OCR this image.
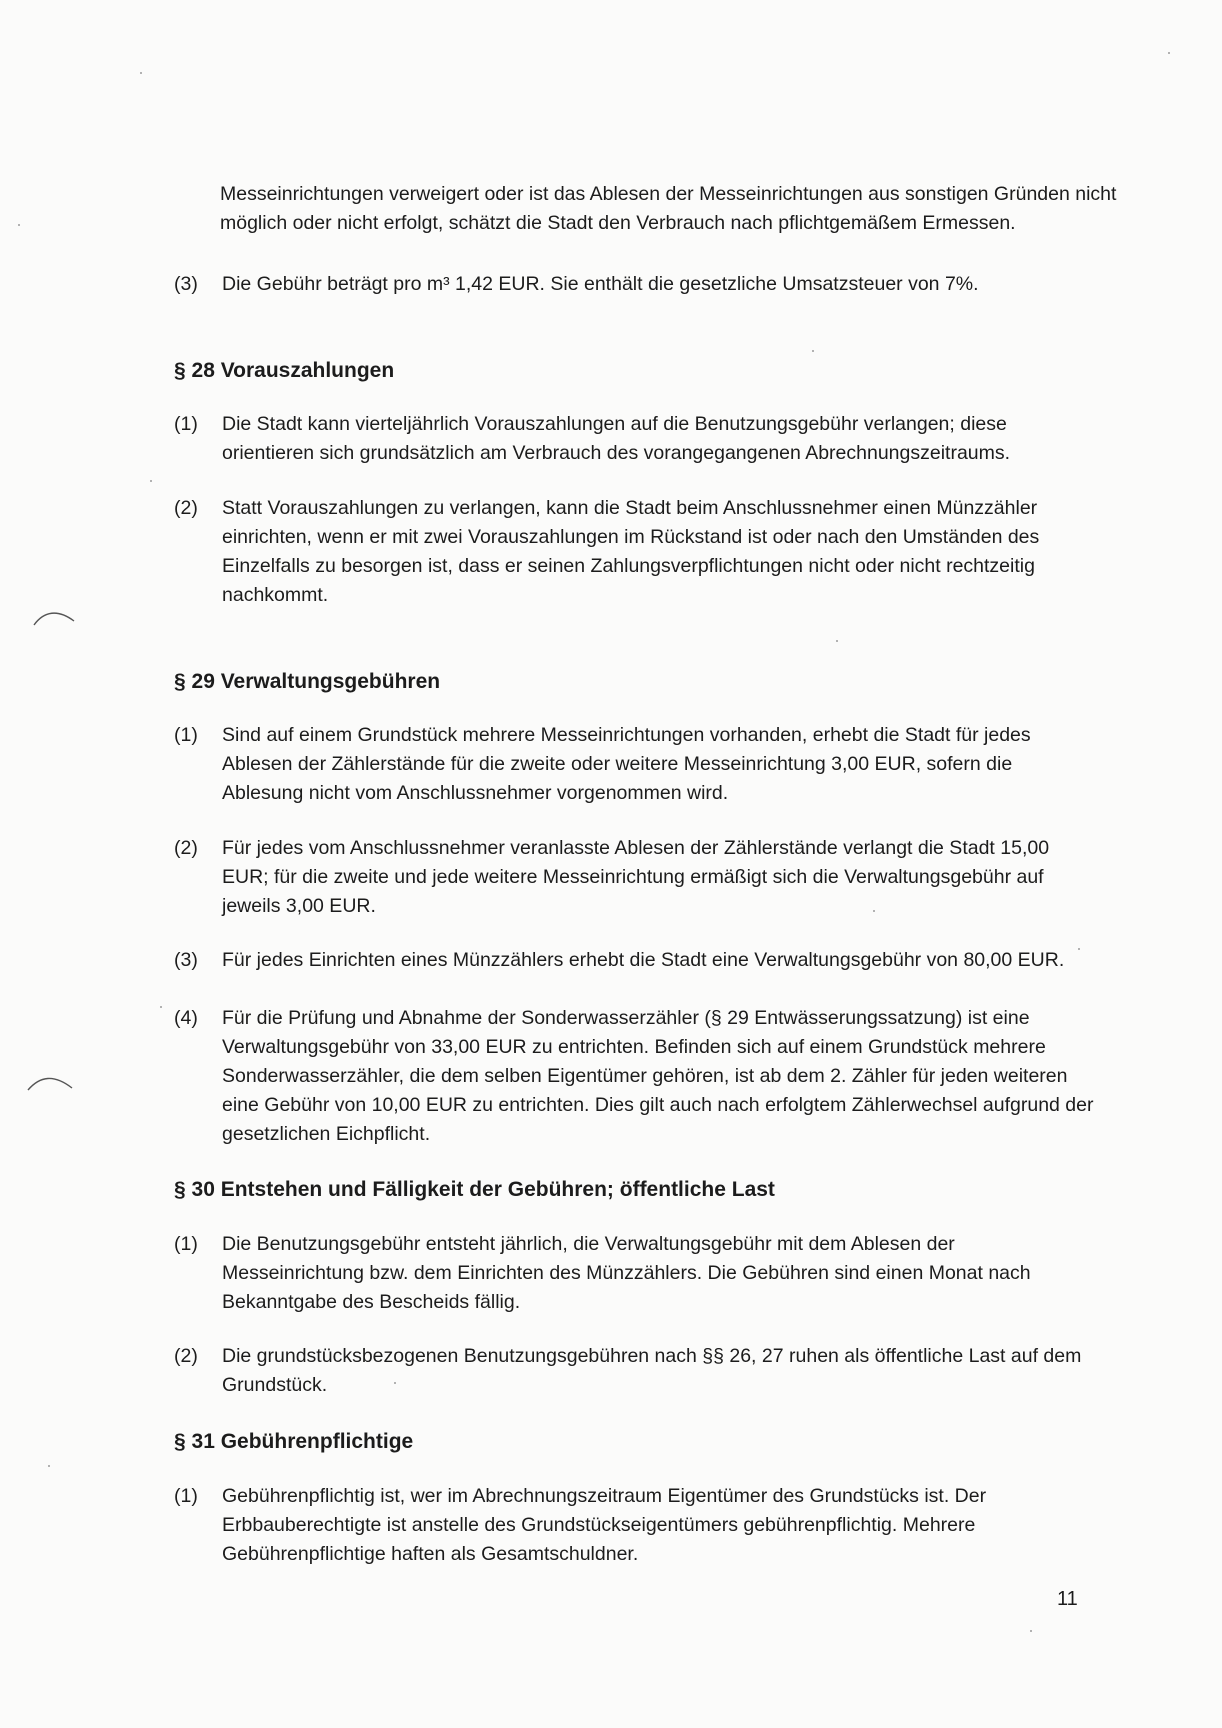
Messeinrichtungen verweigert oder ist das Ablesen der Messeinrichtungen aus sonstigen Gründen nicht möglich oder nicht erfolgt, schätzt die Stadt den Verbrauch nach pflichtgemäßem Ermessen.
(3)	Die Gebühr beträgt pro m³ 1,42 EUR. Sie enthält die gesetzliche Umsatzsteuer von 7%.
§ 28 Vorauszahlungen
(1)	Die Stadt kann vierteljährlich Vorauszahlungen auf die Benutzungsgebühr verlangen; diese orientieren sich grundsätzlich am Verbrauch des vorangegangenen Abrechnungszeitraums.
(2)	Statt Vorauszahlungen zu verlangen, kann die Stadt beim Anschlussnehmer einen Münzzähler einrichten, wenn er mit zwei Vorauszahlungen im Rückstand ist oder nach den Umständen des Einzelfalls zu besorgen ist, dass er seinen Zahlungsverpflichtungen nicht oder nicht rechtzeitig nachkommt.
§ 29 Verwaltungsgebühren
(1)	Sind auf einem Grundstück mehrere Messeinrichtungen vorhanden, erhebt die Stadt für jedes Ablesen der Zählerstände für die zweite oder weitere Messeinrichtung 3,00 EUR, sofern die Ablesung nicht vom Anschlussnehmer vorgenommen wird.
(2)	Für jedes vom Anschlussnehmer veranlasste Ablesen der Zählerstände verlangt die Stadt 15,00 EUR; für die zweite und jede weitere Messeinrichtung ermäßigt sich die Verwaltungsgebühr auf jeweils 3,00 EUR.
(3)	Für jedes Einrichten eines Münzzählers erhebt die Stadt eine Verwaltungsgebühr von 80,00 EUR.
(4)	Für die Prüfung und Abnahme der Sonderwasserzähler (§ 29 Entwässerungssatzung) ist eine Verwaltungsgebühr von 33,00 EUR zu entrichten. Befinden sich auf einem Grundstück mehrere Sonderwasserzähler, die dem selben Eigentümer gehören, ist ab dem 2. Zähler für jeden weiteren eine Gebühr von 10,00 EUR zu entrichten. Dies gilt auch nach erfolgtem Zählerwechsel aufgrund der gesetzlichen Eichpflicht.
§ 30 Entstehen und Fälligkeit der Gebühren; öffentliche Last
(1)	Die Benutzungsgebühr entsteht jährlich, die Verwaltungsgebühr mit dem Ablesen der Messeinrichtung bzw. dem Einrichten des Münzzählers. Die Gebühren sind einen Monat nach Bekanntgabe des Bescheids fällig.
(2)	Die grundstücksbezogenen Benutzungsgebühren nach §§ 26, 27 ruhen als öffentliche Last auf dem Grundstück.
§ 31 Gebührenpflichtige
(1)	Gebührenpflichtig ist, wer im Abrechnungszeitraum Eigentümer des Grundstücks ist. Der Erbbauberechtigte ist anstelle des Grundstückseigentümers gebührenpflichtig. Mehrere Gebührenpflichtige haften als Gesamtschuldner.
11
